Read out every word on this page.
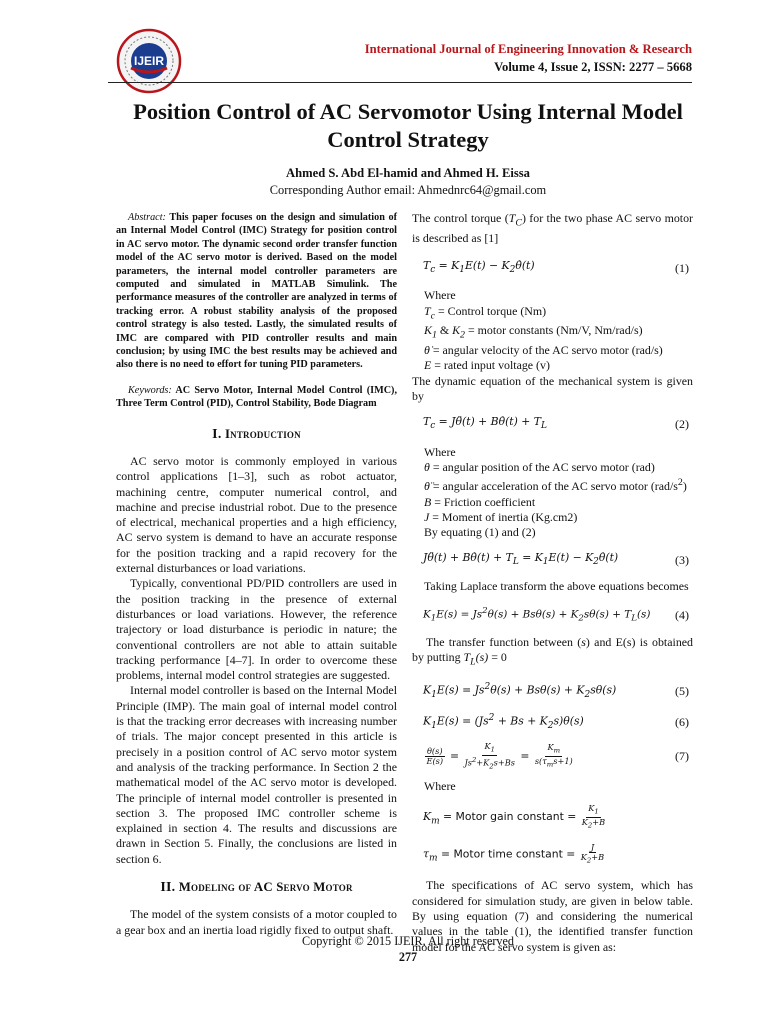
IJEIR
International Journal of Engineering Innovation & Research
Volume 4, Issue 2, ISSN: 2277 – 5668
Position Control of AC Servomotor Using Internal Model Control Strategy
Ahmed S. Abd El-hamid and Ahmed H. Eissa
Corresponding Author email: Ahmednrc64@gmail.com

Abstract: This paper focuses on the design and simulation of an Internal Model Control (IMC) Strategy for position control in AC servo motor. The dynamic second order transfer function model of the AC servo motor is derived. Based on the model parameters, the internal model controller parameters are computed and simulated in MATLAB Simulink. The performance measures of the controller are analyzed in terms of tracking error. A robust stability analysis of the proposed control strategy is also tested. Lastly, the simulated results of IMC are compared with PID controller results and main conclusion; by using IMC the best results may be achieved and also there is no need to effort for tuning PID parameters.

Keywords: AC Servo Motor, Internal Model Control (IMC), Three Term Control (PID), Control Stability, Bode Diagram

I. Introduction

AC servo motor is commonly employed in various control applications [1–3], such as robot actuator, machining centre, computer numerical control, and machine and precise industrial robot. Due to the presence of electrical, mechanical properties and a high efficiency, AC servo system is demand to have an accurate response for the position tracking and a rapid recovery for the external disturbances or load variations.

Typically, conventional PD/PID controllers are used in the position tracking in the presence of external disturbances or load variations. However, the reference trajectory or load disturbance is periodic in nature; the conventional controllers are not able to attain suitable tracking performance [4–7]. In order to overcome these problems, internal model control strategies are suggested.

Internal model controller is based on the Internal Model Principle (IMP). The main goal of internal model control is that the tracking error decreases with increasing number of trials. The major concept presented in this article is precisely in a position control of AC servo motor system and analysis of the tracking performance. In Section 2 the mathematical model of the AC servo motor is developed. The principle of internal model controller is presented in section 3. The proposed IMC controller scheme is explained in section 4. The results and discussions are drawn in Section 5. Finally, the conclusions are listed in section 6.

II. Modeling of AC Servo Motor

The model of the system consists of a motor coupled to a gear box and an inertia load rigidly fixed to output shaft.

The control torque $(T_C)$ for the two phase AC servo motor is described as [1]

$T_c = K_1E(t)$ − $K_2\thetȧ(t)$	(1)
Where
$T_c$ = Control torque (Nm)
$K_1$ & $K_2$ = motor constants (Nm/V, Nm/rad/s)
θ̇ = angular velocity of the AC servo motor (rad/s)
E = rated input voltage (v)

The dynamic equation of the mechanical system is given by

$T_c$ = Jθ̈(t) + Bθ̇(t) + $T_L$	(2)
Where
θ = angular position of the AC servo motor (rad)
θ̈ = angular acceleration of the AC servo motor $(rad/s^2)$
B = Friction coefficient
J = Moment of inertia (Kg.cm2)
By equating (1) and (2)
Jθ̈(t) + Bθ̇(t) + $T_L = K_1E(t)$ − $K_2\thetȧ(t)$	(3)

Taking Laplace transform the above equations becomes

$K_1E(s) = Js^2\theta(s) + Bs\theta(s) + K_2s\theta(s) + T_L(s)$ (4)

The transfer function between (s) and E(s) is obtained by putting $T_L(s) = 0$

$K_1E(s) = Js^2\theta(s) + Bs\theta(s) + K_2s\theta(s)$	(5)
$K_1E(s) = (Js^2 + Bs + K_2s)\theta(s)$	(6)
$\frac{\theta(s)}{E(s)} = \frac{K_1}{Js^2+K_2s+Bs}$ =
$K_m$
$s(\tau_ms+1)$	(7)
Where
$K_m$ = Motor gain constant = $\frac{K_1}{K_2+B}$
$\tau_m$ = Motor time constant = $\frac{J}{K_2+B}$

The specifications of AC servo system, which has considered for simulation study, are given in below table. By using equation (7) and considering the numerical values in the table (1), the identified transfer function model for the AC servo system is given as:

Copyright © 2015 IJEIR, All right reserved
277
